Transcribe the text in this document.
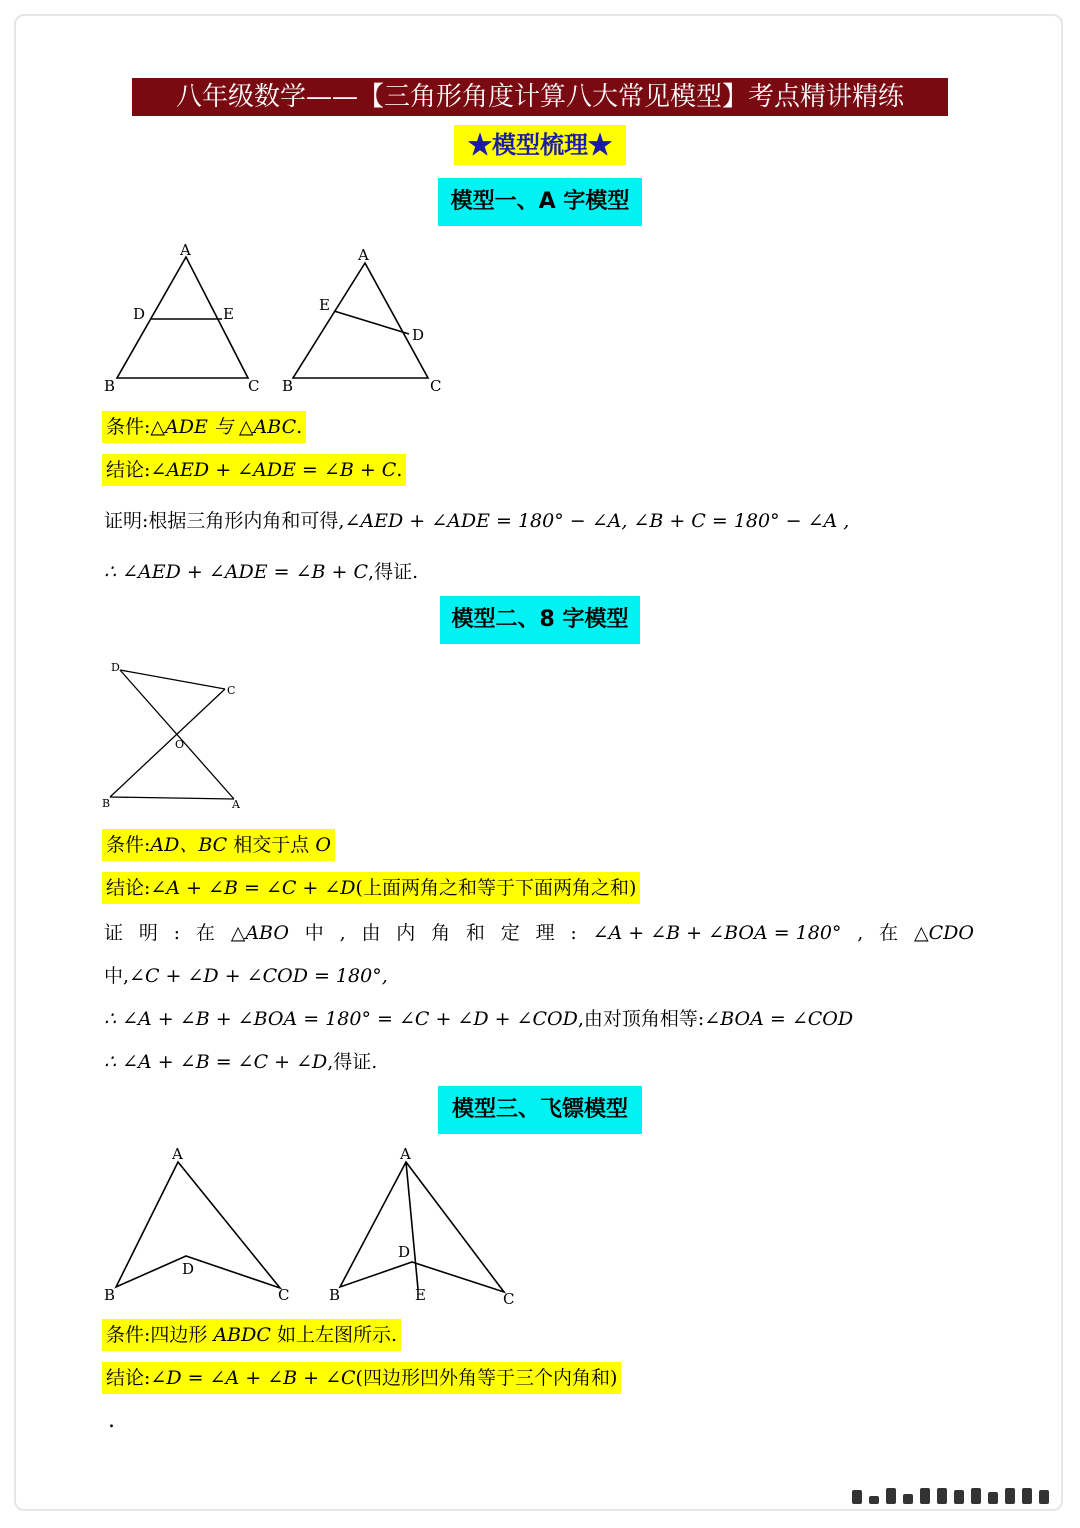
八年级数学——【三角形角度计算八大常见模型】考点精讲精练
★模型梳理★
模型一、A 字模型
A
B	C
D	E
A
B	C
D
E
条件:△ADE 与 △ABC.
结论:∠AED + ∠ADE = ∠B + C.
证明:根据三角形内角和可得,∠AED + ∠ADE = 180° − ∠A, ∠B + C = 180° − ∠A ,
∴ ∠AED + ∠ADE = ∠B + C,得证.
模型二、8 字模型
D
C
O
B	A
条件:AD、BC 相交于点 O
结论:∠A + ∠B = ∠C + ∠D(上面两角之和等于下面两角之和)
证 明 : 在 △ABO 中 , 由 内 角 和 定 理 : ∠A + ∠B + ∠BOA = 180° , 在 △CDO
中,∠C + ∠D + ∠COD = 180°,
∴ ∠A + ∠B + ∠BOA = 180° = ∠C + ∠D + ∠COD,由对顶角相等:∠BOA = ∠COD
∴ ∠A + ∠B = ∠C + ∠D,得证.
模型三、飞镖模型
A
B	C
D
A
B	C
D
E
条件:四边形 ABDC 如上左图所示.
结论:∠D = ∠A + ∠B + ∠C(四边形凹外角等于三个内角和)
.
